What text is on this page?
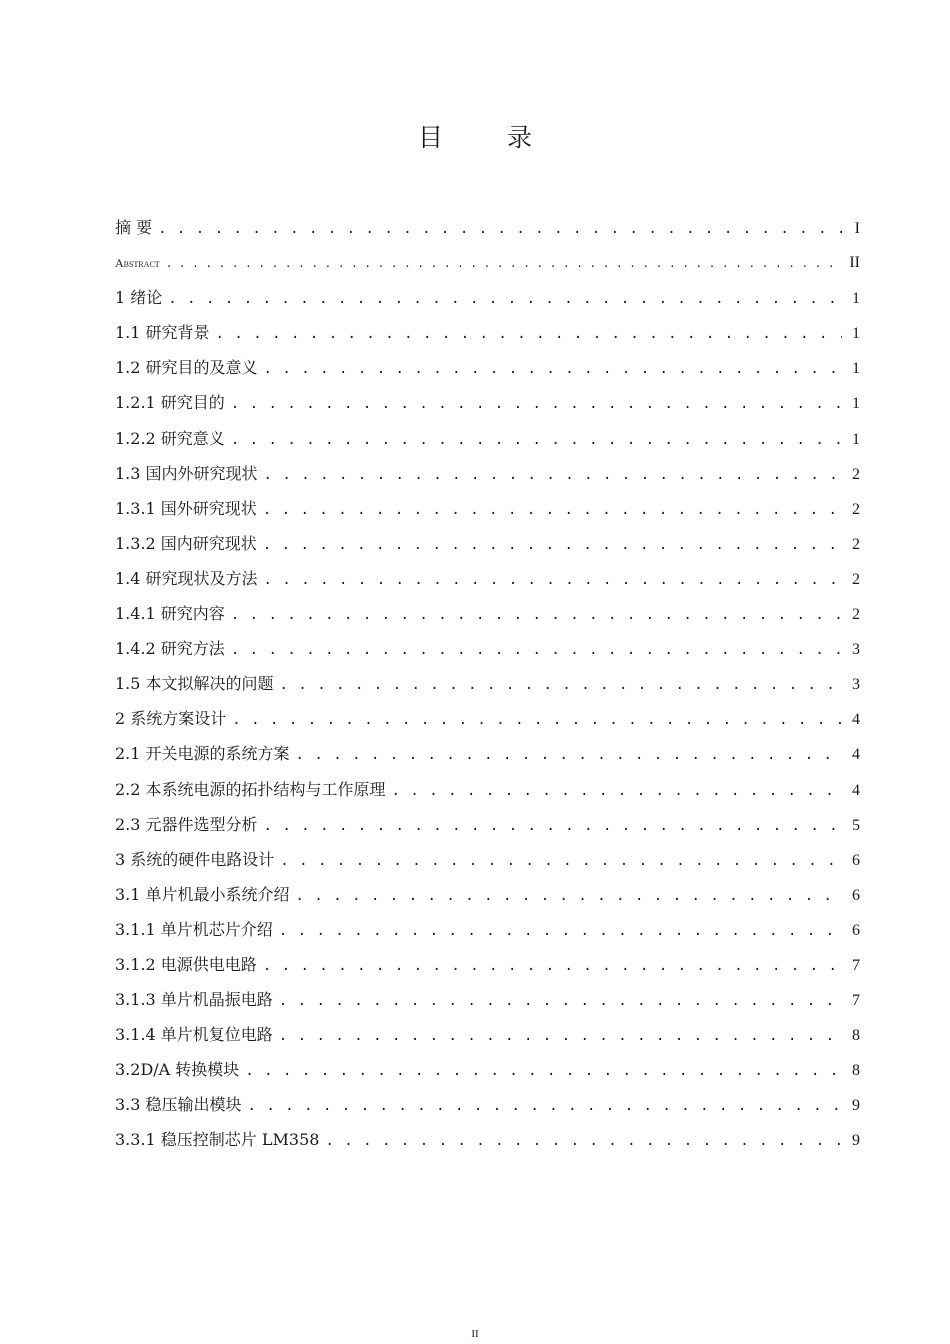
目 录
摘 要 . . .	I
Abstract . . .	II
1 绪论 . . .	1
1.1 研究背景 . . .	1
1.2 研究目的及意义 . . .	1
1.2.1 研究目的 . . .	1
1.2.2 研究意义 . . .	1
1.3 国内外研究现状 . . .	2
1.3.1 国外研究现状 . . .	2
1.3.2 国内研究现状 . . .	2
1.4 研究现状及方法 . . .	2
1.4.1 研究内容 . . .	2
1.4.2 研究方法 . . .	3
1.5 本文拟解决的问题 . . .	3
2 系统方案设计 . . .	4
2.1 开关电源的系统方案 . . .	4
2.2 本系统电源的拓扑结构与工作原理 . . .	4
2.3 元器件选型分析 . . .	5
3 系统的硬件电路设计 . . .	6
3.1 单片机最小系统介绍 . . .	6
3.1.1 单片机芯片介绍 . . .	6
3.1.2 电源供电电路 . . .	7
3.1.3 单片机晶振电路 . . .	7
3.1.4 单片机复位电路 . . .	8
3.2D/A 转换模块 . . .	8
3.3 稳压输出模块 . . .	9
3.3.1 稳压控制芯片 LM358 . . .	9
II
